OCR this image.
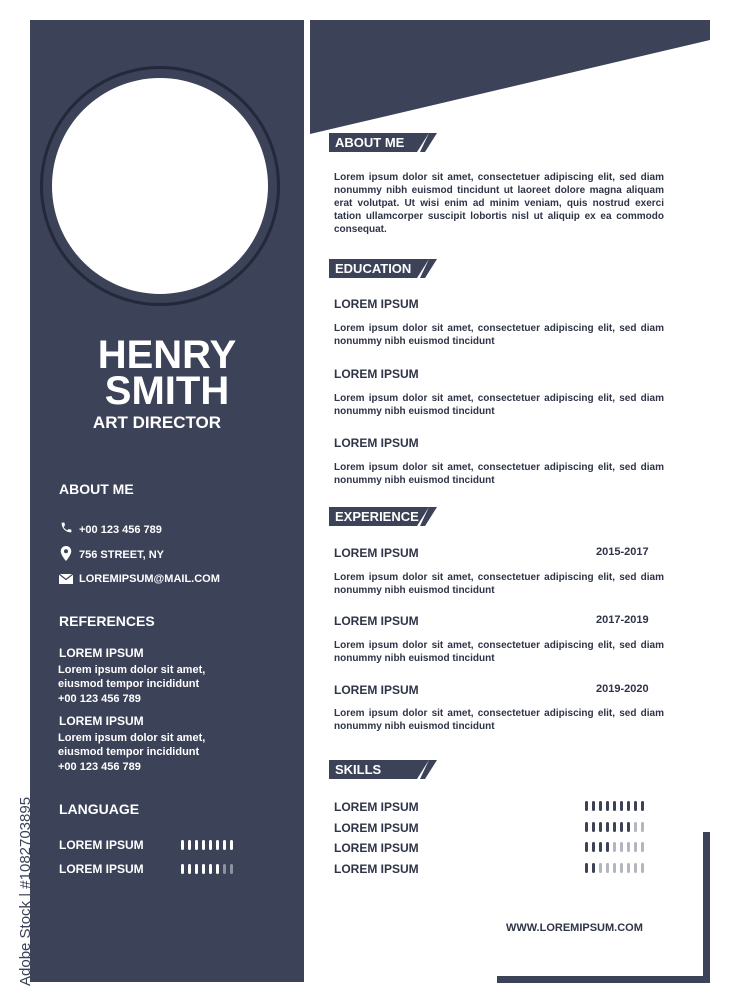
HENRY
SMITH
ART DIRECTOR
ABOUT ME
+00 123 456 789
756 STREET, NY
LOREMIPSUM@MAIL.COM
REFERENCES
LOREM IPSUM
Lorem ipsum dolor sit amet,
eiusmod tempor incididunt
+00 123 456 789
LOREM IPSUM
Lorem ipsum dolor sit amet,
eiusmod tempor incididunt
+00 123 456 789
LANGUAGE
LOREM IPSUM
LOREM IPSUM
Adobe Stock | #1082703895
ABOUT ME
Lorem ipsum dolor sit amet, consectetuer adipiscing elit, sed diam nonummy nibh euismod tincidunt ut laoreet dolore magna aliquam erat volutpat. Ut wisi enim ad minim veniam, quis nostrud exerci tation ullamcorper suscipit lobortis nisl ut aliquip ex ea commodo consequat.
EDUCATION
LOREM IPSUM
Lorem ipsum dolor sit amet, consectetuer adipiscing elit, sed diam nonummy nibh euismod tincidunt
LOREM IPSUM
Lorem ipsum dolor sit amet, consectetuer adipiscing elit, sed diam nonummy nibh euismod tincidunt
LOREM IPSUM
Lorem ipsum dolor sit amet, consectetuer adipiscing elit, sed diam nonummy nibh euismod tincidunt
EXPERIENCE
LOREM IPSUM	2015-2017
Lorem ipsum dolor sit amet, consectetuer adipiscing elit, sed diam nonummy nibh euismod tincidunt
LOREM IPSUM	2017-2019
Lorem ipsum dolor sit amet, consectetuer adipiscing elit, sed diam nonummy nibh euismod tincidunt
LOREM IPSUM	2019-2020
Lorem ipsum dolor sit amet, consectetuer adipiscing elit, sed diam nonummy nibh euismod tincidunt
SKILLS
LOREM IPSUM
LOREM IPSUM
LOREM IPSUM
LOREM IPSUM
WWW.LOREMIPSUM.COM
